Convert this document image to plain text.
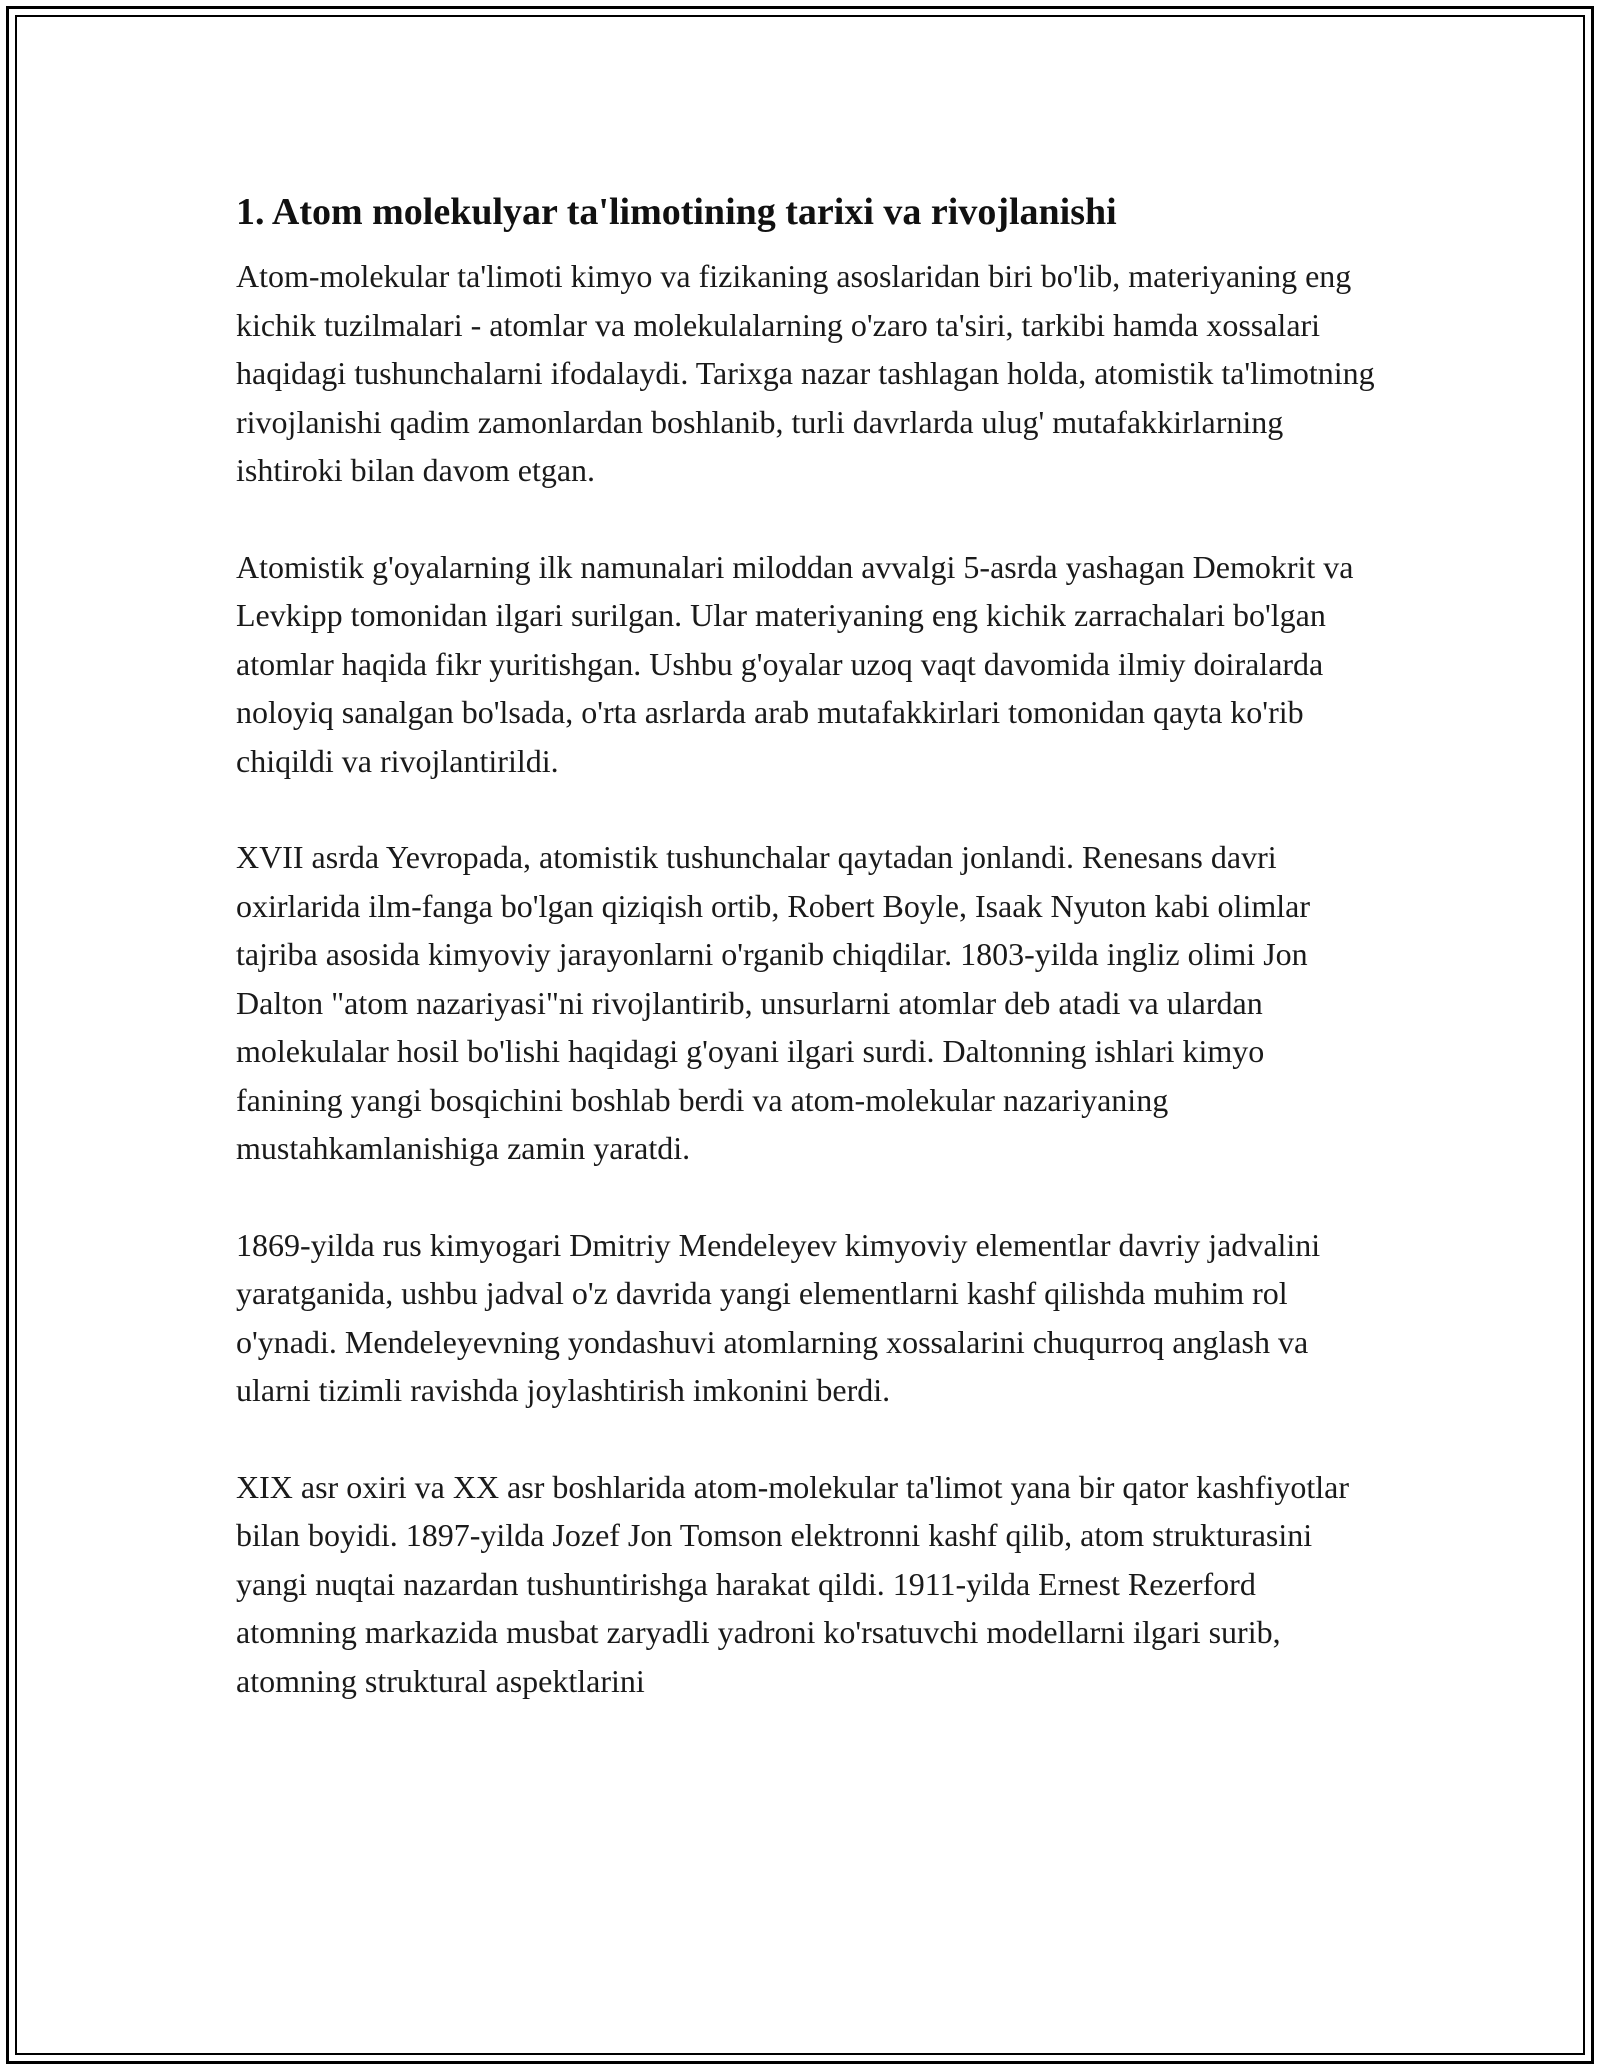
1. Atom molekulyar ta'limotining tarixi va rivojlanishi

Atom-molekular ta'limoti kimyo va fizikaning asoslaridan biri bo'lib, materiyaning eng kichik tuzilmalari - atomlar va molekulalarning o'zaro ta'siri, tarkibi hamda xossalari haqidagi tushunchalarni ifodalaydi. Tarixga nazar tashlagan holda, atomistik ta'limotning rivojlanishi qadim zamonlardan boshlanib, turli davrlarda ulug' mutafakkirlarning ishtiroki bilan davom etgan.

Atomistik g'oyalarning ilk namunalari miloddan avvalgi 5-asrda yashagan Demokrit va Levkipp tomonidan ilgari surilgan. Ular materiyaning eng kichik zarrachalari bo'lgan atomlar haqida fikr yuritishgan. Ushbu g'oyalar uzoq vaqt davomida ilmiy doiralarda noloyiq sanalgan bo'lsada, o'rta asrlarda arab mutafakkirlari tomonidan qayta ko'rib chiqildi va rivojlantirildi.

XVII asrda Yevropada, atomistik tushunchalar qaytadan jonlandi. Renesans davri oxirlarida ilm-fanga bo'lgan qiziqish ortib, Robert Boyle, Isaak Nyuton kabi olimlar tajriba asosida kimyoviy jarayonlarni o'rganib chiqdilar. 1803-yilda ingliz olimi Jon Dalton "atom nazariyasi"ni rivojlantirib, unsurlarni atomlar deb atadi va ulardan molekulalar hosil bo'lishi haqidagi g'oyani ilgari surdi. Daltonning ishlari kimyo fanining yangi bosqichini boshlab berdi va atom-molekular nazariyaning mustahkamlanishiga zamin yaratdi.

1869-yilda rus kimyogari Dmitriy Mendeleyev kimyoviy elementlar davriy jadvalini yaratganida, ushbu jadval o'z davrida yangi elementlarni kashf qilishda muhim rol o'ynadi. Mendeleyevning yondashuvi atomlarning xossalarini chuqurroq anglash va ularni tizimli ravishda joylashtirish imkonini berdi.

XIX asr oxiri va XX asr boshlarida atom-molekular ta'limot yana bir qator kashfiyotlar bilan boyidi. 1897-yilda Jozef Jon Tomson elektronni kashf qilib, atom strukturasini yangi nuqtai nazardan tushuntirishga harakat qildi. 1911-yilda Ernest Rezerford atomning markazida musbat zaryadli yadroni ko'rsatuvchi modellarni ilgari surib, atomning struktural aspektlarini
